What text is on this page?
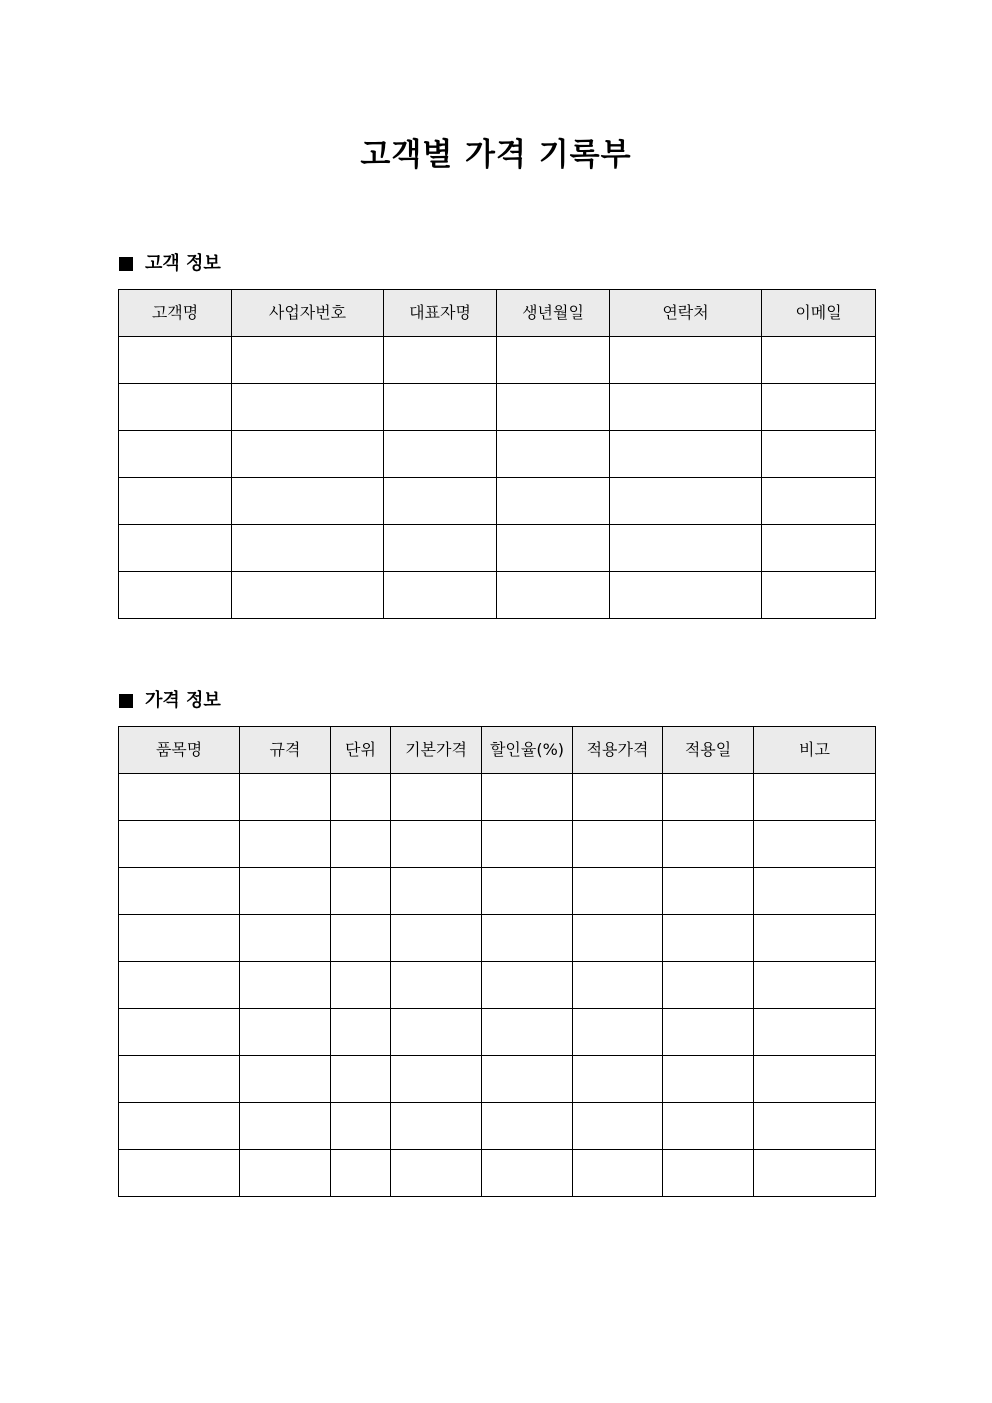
고객별 가격 기록부
고객 정보
고객명	사업자번호	대표자명	생년월일	연락처	이메일

가격 정보
품목명	규격	단위	기본가격	할인율(%)	적용가격	적용일	비고
